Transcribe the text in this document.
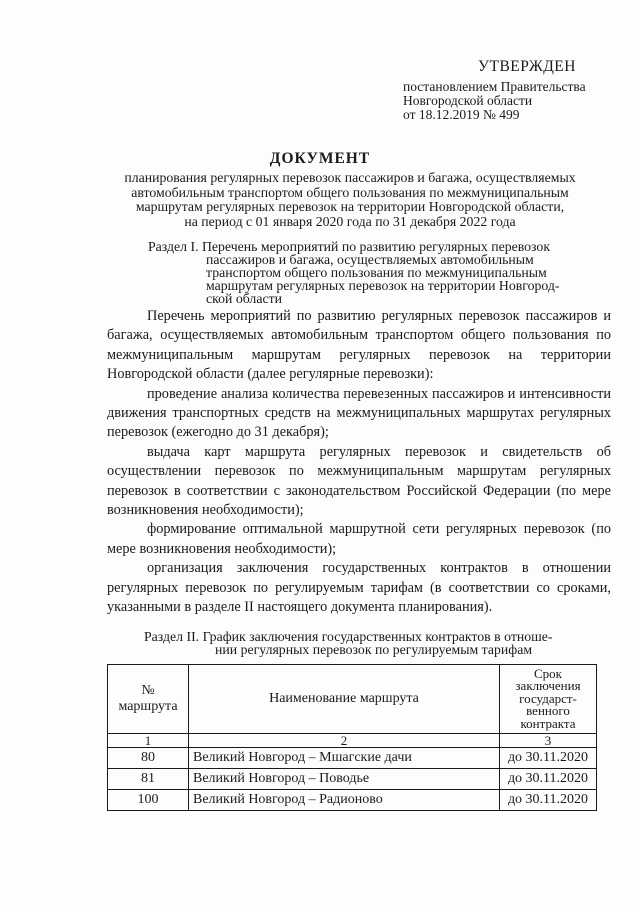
УТВЕРЖДЕН
постановлением Правительства
Новгородской области
от 18.12.2019 № 499
ДОКУМЕНТ
планирования регулярных перевозок пассажиров и багажа, осуществляемых
автомобильным транспортом общего пользования по межмуниципальным
маршрутам регулярных перевозок на территории Новгородской области,
на период с 01 января 2020 года по 31 декабря 2022 года
Раздел I. Перечень мероприятий по развитию регулярных перевозок
пассажиров и багажа, осуществляемых автомобильным
транспортом общего пользования по межмуниципальным
маршрутам регулярных перевозок на территории Новгород-
ской области

Перечень мероприятий по развитию регулярных перевозок пассажиров и багажа, осуществляемых автомобильным транспортом общего пользования по межмуниципальным маршрутам регулярных перевозок на территории Новгородской области (далее регулярные перевозки):

проведение анализа количества перевезенных пассажиров и интенсивности движения транспортных средств на межмуниципальных маршрутах регулярных перевозок (ежегодно до 31 декабря);

выдача карт маршрута регулярных перевозок и свидетельств об осуществлении перевозок по межмуниципальным маршрутам регулярных перевозок в соответствии с законодательством Российской Федерации (по мере возникновения необходимости);

формирование оптимальной маршрутной сети регулярных перевозок (по мере возникновения необходимости);

организация заключения государственных контрактов в отношении регулярных перевозок по регулируемым тарифам (в соответствии со сроками, указанными в разделе II настоящего документа планирования).

Раздел II. График заключения государственных контрактов в отноше-
нии регулярных перевозок по регулируемым тарифам
№ маршрута	Наименование маршрута	Срок заключения государст-венного контракта
1	2	3
80	Великий Новгород – Мшагские дачи	до 30.11.2020
81	Великий Новгород – Поводье	до 30.11.2020
100	Великий Новгород – Радионово	до 30.11.2020
